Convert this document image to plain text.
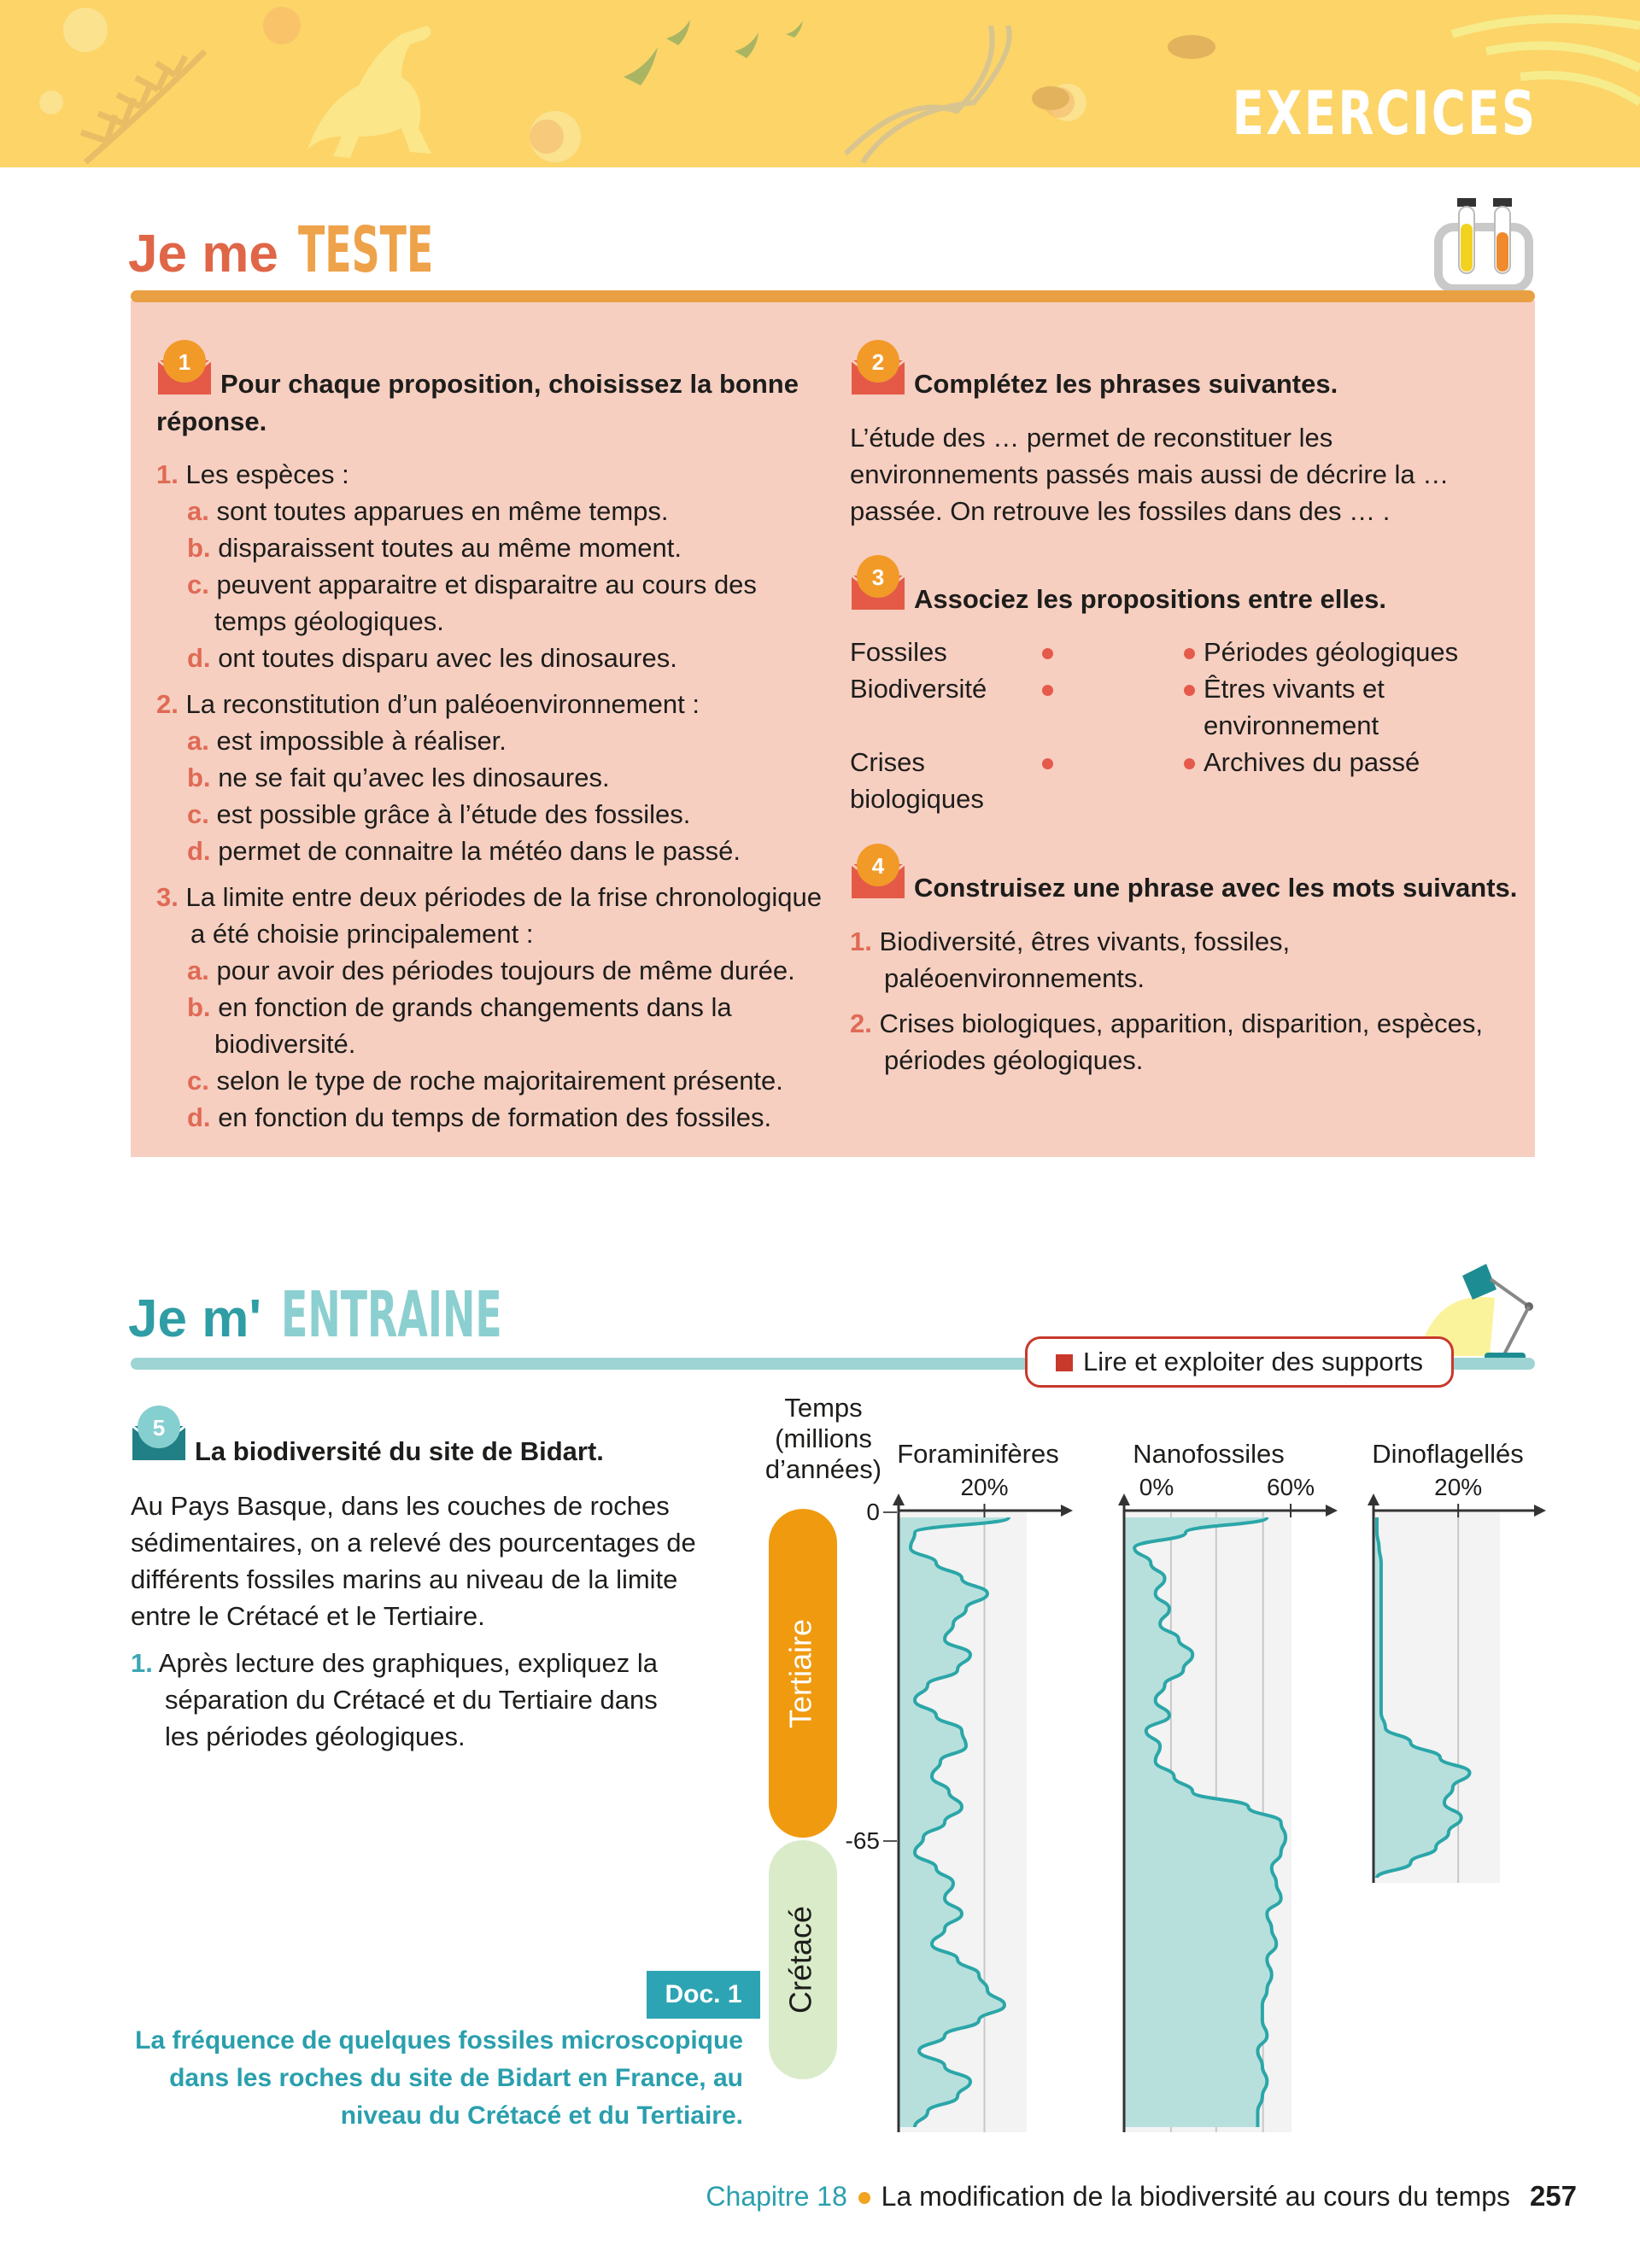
EXERCICES
Je me TESTE
1
Pour chaque proposition, choisissez la bonne réponse.

1. Les espèces :

a. sont toutes apparues en même temps.

b. disparaissent toutes au même moment.

c. peuvent apparaitre et disparaitre au cours des temps géologiques.

d. ont toutes disparu avec les dinosaures.

2. La reconstitution d’un paléoenvironnement :

a. est impossible à réaliser.

b. ne se fait qu’avec les dinosaures.

c. est possible grâce à l’étude des fossiles.

d. permet de connaitre la météo dans le passé.

3. La limite entre deux périodes de la frise chronologique a été choisie principalement :

a. pour avoir des périodes toujours de même durée.

b. en fonction de grands changements dans la biodiversité.

c. selon le type de roche majoritairement présente.

d. en fonction du temps de formation des fossiles.

2
Complétez les phrases suivantes.
L’étude des … permet de reconstituer les environnements passés mais aussi de décrire la … passée. On retrouve les fossiles dans des … .
3
Associez les propositions entre elles.
Fossiles
Biodiversité
Crises biologiques
Périodes géologiques
Êtres vivants et environnement
Archives du passé
4
Construisez une phrase avec les mots suivants.

1. Biodiversité, êtres vivants, fossiles, paléoenvironnements.

2. Crises biologiques, apparition, disparition, espèces, périodes géologiques.

Je m' ENTRAINE
Lire et exploiter des supports
5
La biodiversité du site de Bidart.
Au Pays Basque, dans les couches de roches sédimentaires, on a relevé des pourcentages de différents fossiles marins au niveau de la limite entre le Crétacé et le Tertiaire.

1. Après lecture des graphiques, expliquez la séparation du Crétacé et du Tertiaire dans les périodes géologiques.

Doc. 1
La fréquence de quelques fossiles microscopique dans les roches du site de Bidart en France, au niveau du Crétacé et du Tertiaire.
Temps
(millions
d’années)
Tertiaire
Crétacé
0
-65
Foraminifères
20%
Nanofossiles
60%
0%
Dinoflagellés
20%
Chapitre 18 La modification de la biodiversité au cours du temps 257
